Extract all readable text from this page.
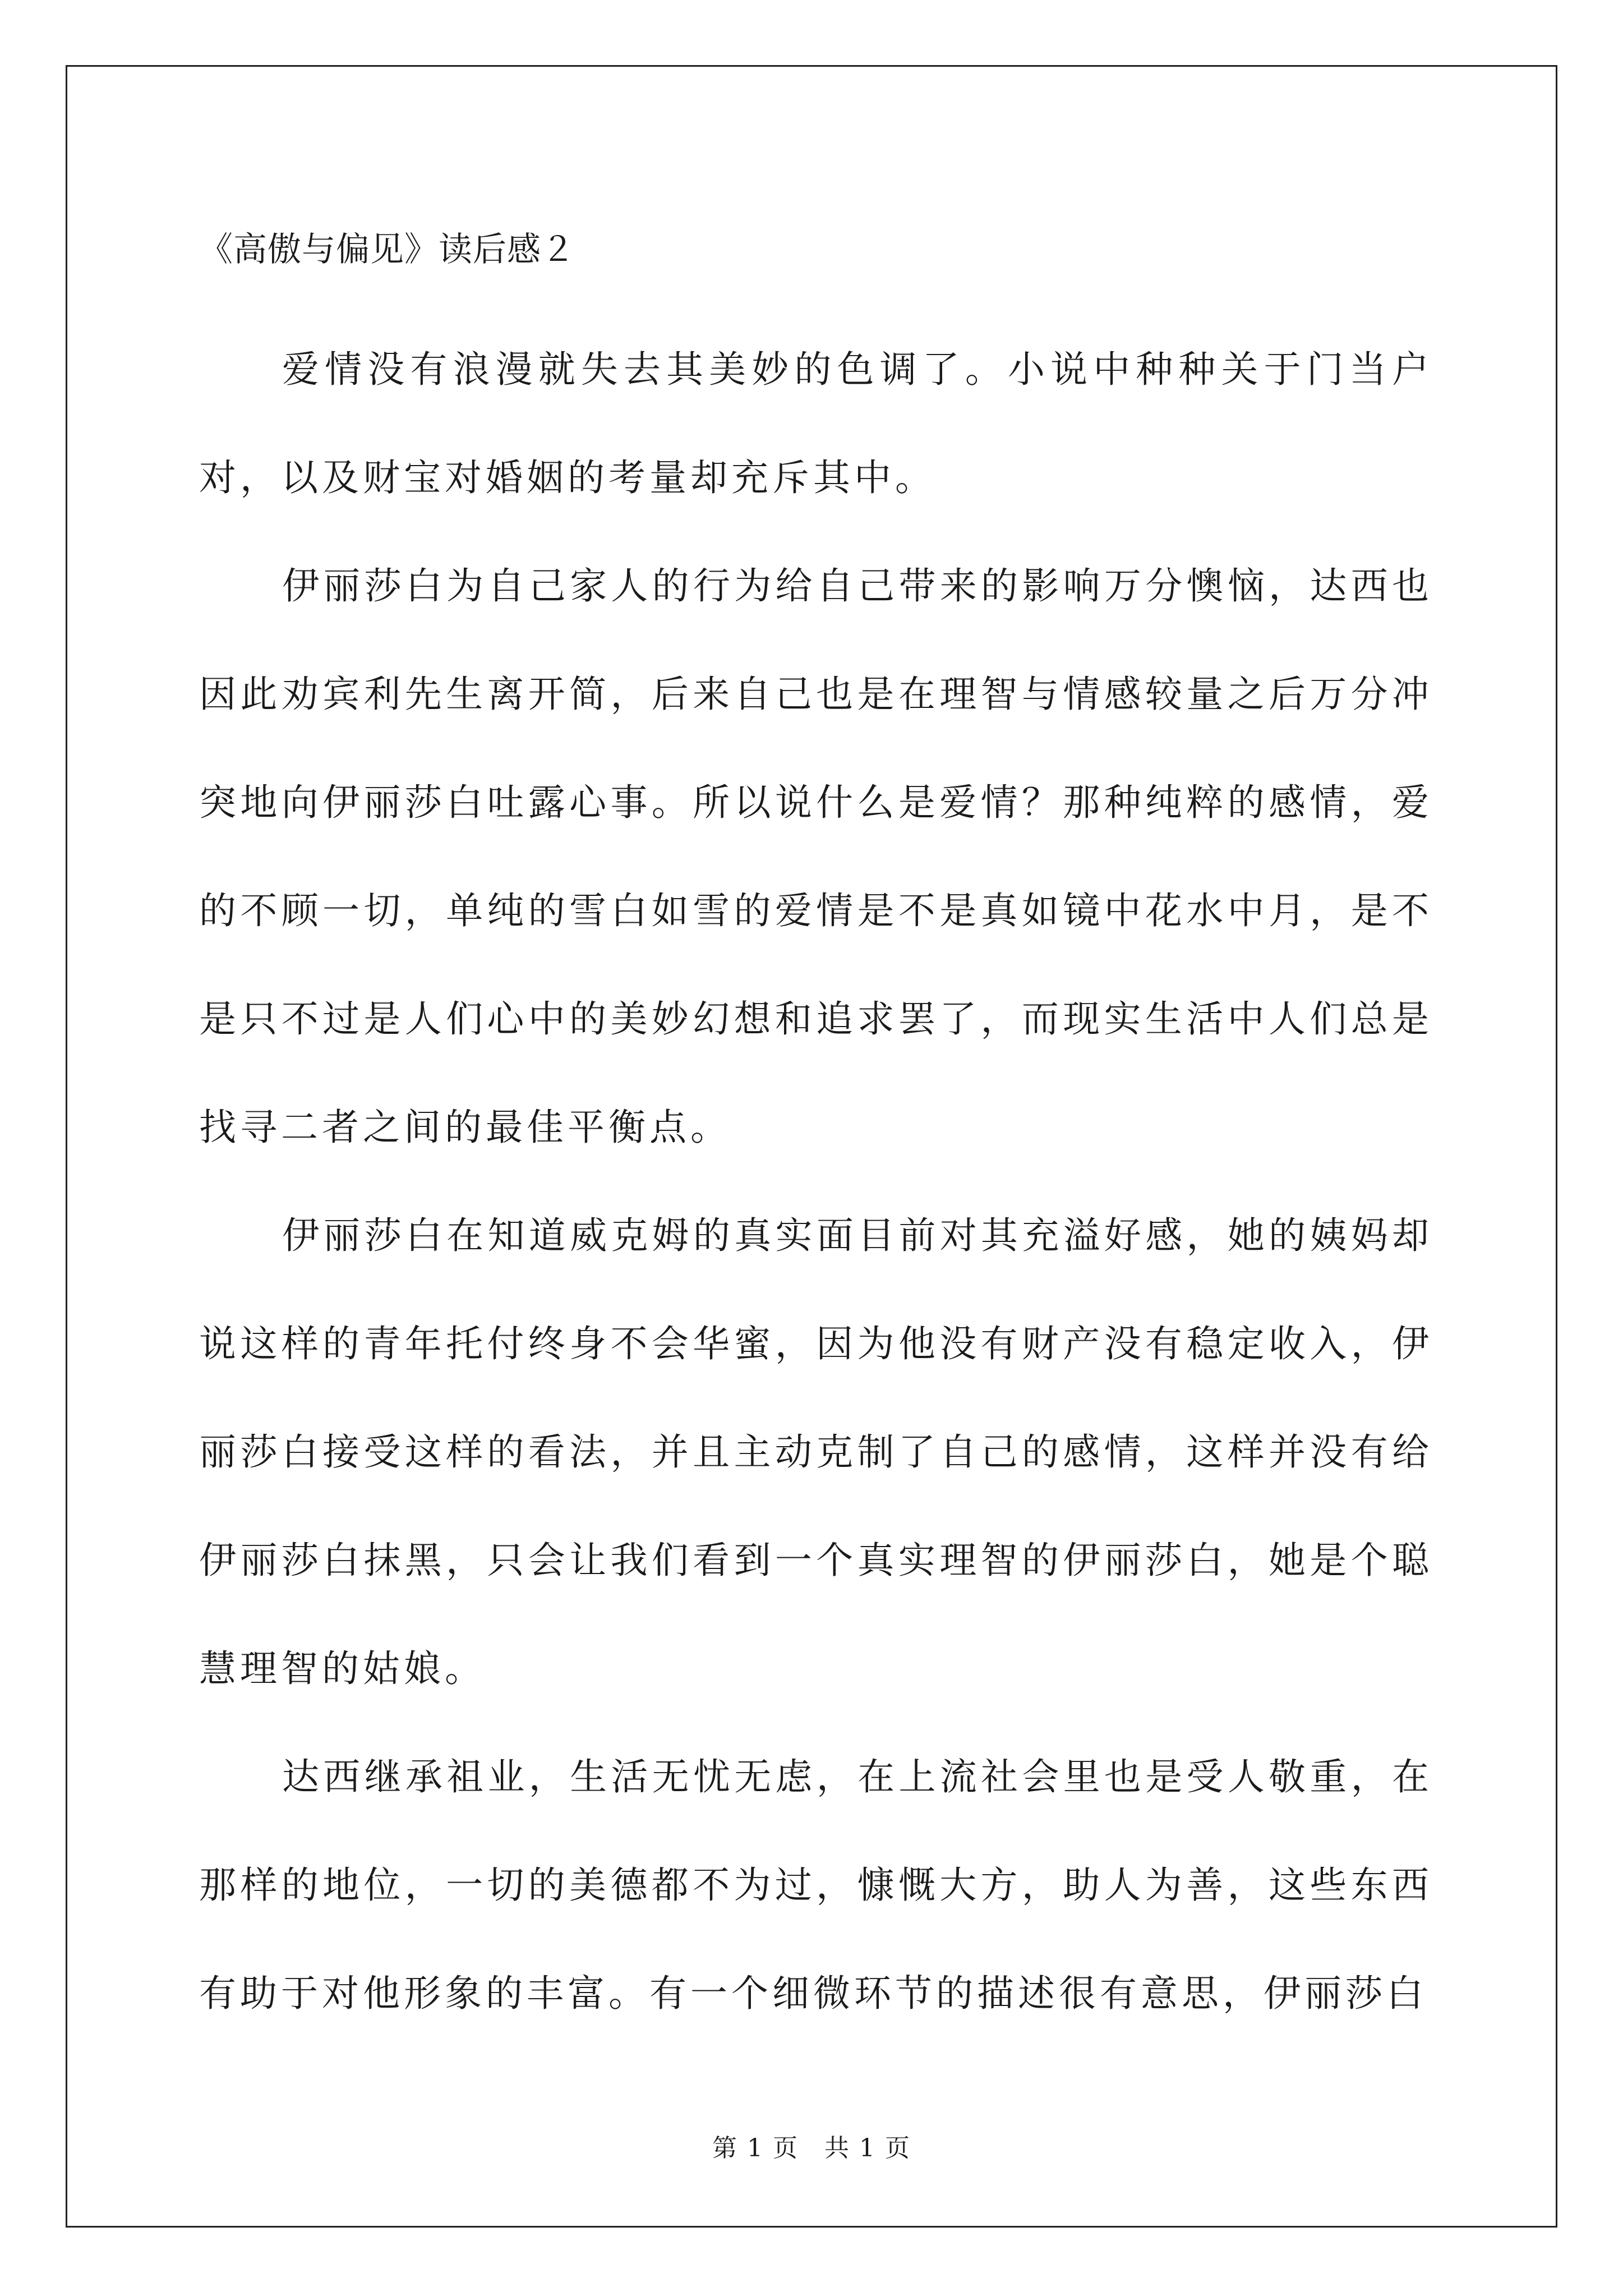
《高傲与偏见》读后感２

爱情没有浪漫就失去其美妙的色调了。小说中种种关于门当户对，以及财宝对婚姻的考量却充斥其中。

伊丽莎白为自己家人的行为给自己带来的影响万分懊恼，达西也因此劝宾利先生离开简，后来自己也是在理智与情感较量之后万分冲突地向伊丽莎白吐露心事。所以说什么是爱情？那种纯粹的感情，爱的不顾一切，单纯的雪白如雪的爱情是不是真如镜中花水中月，是不是只不过是人们心中的美妙幻想和追求罢了，而现实生活中人们总是找寻二者之间的最佳平衡点。

伊丽莎白在知道威克姆的真实面目前对其充溢好感，她的姨妈却说这样的青年托付终身不会华蜜，因为他没有财产没有稳定收入，伊丽莎白接受这样的看法，并且主动克制了自己的感情，这样并没有给伊丽莎白抹黑，只会让我们看到一个真实理智的伊丽莎白，她是个聪慧理智的姑娘。

达西继承祖业，生活无忧无虑，在上流社会里也是受人敬重，在那样的地位，一切的美德都不为过，慷慨大方，助人为善，这些东西有助于对他形象的丰富。有一个细微环节的描述很有意思，伊丽莎白

第 1 页　共 1 页
